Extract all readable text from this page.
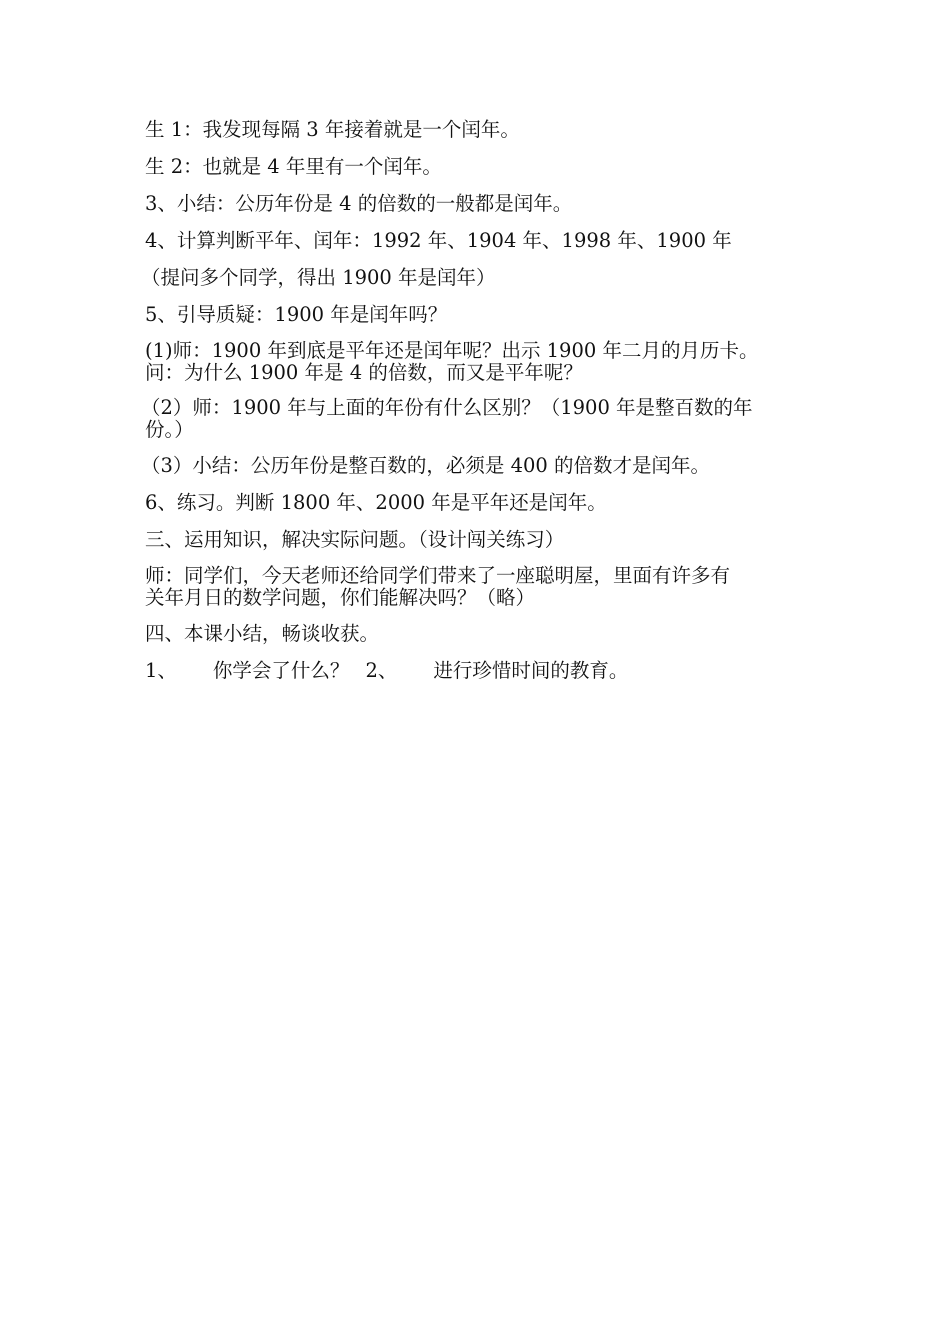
生 1：我发现每隔 3 年接着就是一个闰年。

生 2：也就是 4 年里有一个闰年。

3、小结：公历年份是 4 的倍数的一般都是闰年。

4、计算判断平年、闰年：1992 年、1904 年、1998 年、1900 年

（提问多个同学，得出 1900 年是闰年）

5、引导质疑：1900 年是闰年吗？

(1)师：1900 年到底是平年还是闰年呢？出示 1900 年二月的月历卡。
问：为什么 1900 年是 4 的倍数，而又是平年呢？

（2）师：1900 年与上面的年份有什么区别？（1900 年是整百数的年
份。）

（3）小结：公历年份是整百数的，必须是 400 的倍数才是闰年。

6、练习。判断 1800 年、2000 年是平年还是闰年。

三、运用知识，解决实际问题。（设计闯关练习）

师：同学们，今天老师还给同学们带来了一座聪明屋，里面有许多有
关年月日的数学问题，你们能解决吗？（略）

四、本课小结，畅谈收获。

1、 你学会了什么？ 2、 进行珍惜时间的教育。
